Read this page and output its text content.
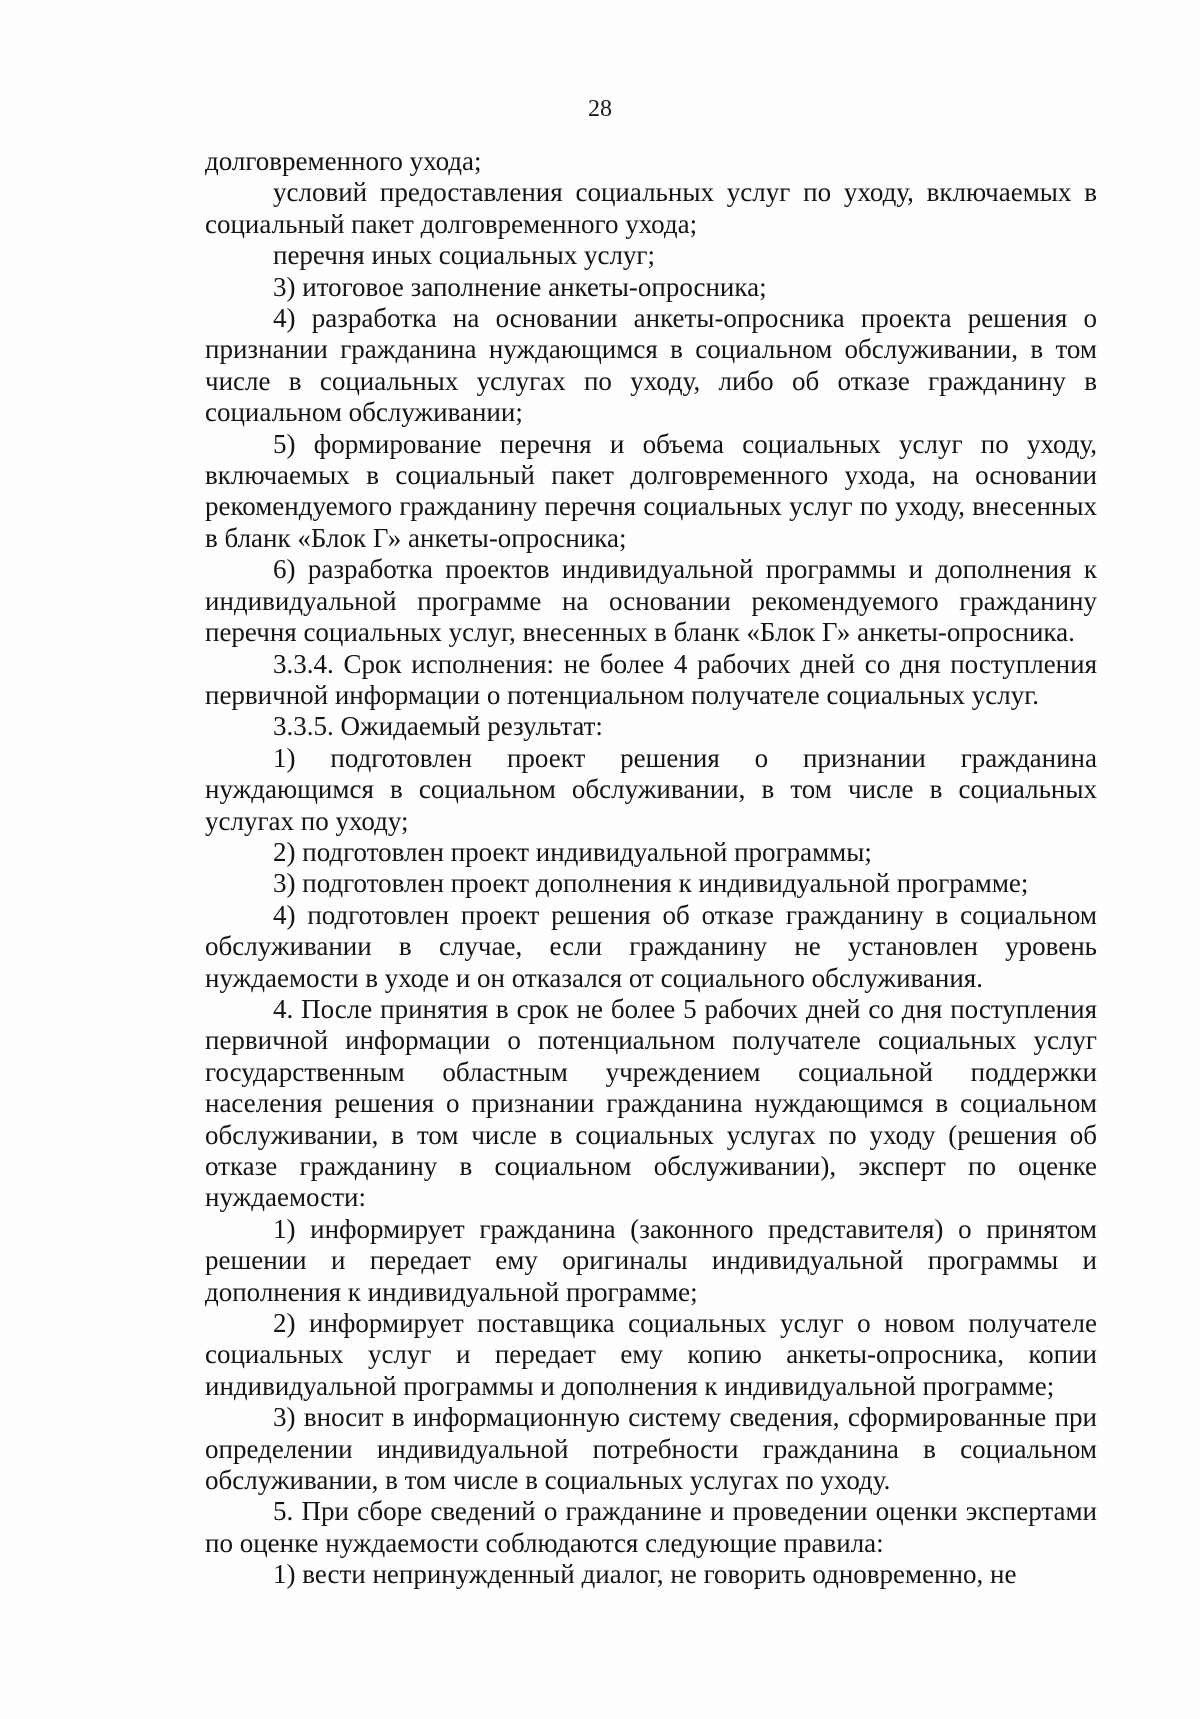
28

долговременного ухода;

условий предоставления социальных услуг по уходу, включаемых в социальный пакет долговременного ухода;

перечня иных социальных услуг;

3) итоговое заполнение анкеты-опросника;

4) разработка на основании анкеты-опросника проекта решения о признании гражданина нуждающимся в социальном обслуживании, в том числе в социальных услугах по уходу, либо об отказе гражданину в социальном обслуживании;

5) формирование перечня и объема социальных услуг по уходу, включаемых в социальный пакет долговременного ухода, на основании рекомендуемого гражданину перечня социальных услуг по уходу, внесенных в бланк «Блок Г» анкеты-опросника;

6) разработка проектов индивидуальной программы и дополнения к индивидуальной программе на основании рекомендуемого гражданину перечня социальных услуг, внесенных в бланк «Блок Г» анкеты-опросника.

3.3.4. Срок исполнения: не более 4 рабочих дней со дня поступления первичной информации о потенциальном получателе социальных услуг.

3.3.5. Ожидаемый результат:

1) подготовлен проект решения о признании гражданина нуждающимся в социальном обслуживании, в том числе в социальных услугах по уходу;

2) подготовлен проект индивидуальной программы;

3) подготовлен проект дополнения к индивидуальной программе;

4) подготовлен проект решения об отказе гражданину в социальном обслуживании в случае, если гражданину не установлен уровень нуждаемости в уходе и он отказался от социального обслуживания.

4. После принятия в срок не более 5 рабочих дней со дня поступления первичной информации о потенциальном получателе социальных услуг государственным областным учреждением социальной поддержки населения решения о признании гражданина нуждающимся в социальном обслуживании, в том числе в социальных услугах по уходу (решения об отказе гражданину в социальном обслуживании), эксперт по оценке нуждаемости:

1) информирует гражданина (законного представителя) о принятом решении и передает ему оригиналы индивидуальной программы и дополнения к индивидуальной программе;

2) информирует поставщика социальных услуг о новом получателе социальных услуг и передает ему копию анкеты-опросника, копии индивидуальной программы и дополнения к индивидуальной программе;

3) вносит в информационную систему сведения, сформированные при определении индивидуальной потребности гражданина в социальном обслуживании, в том числе в социальных услугах по уходу.

5. При сборе сведений о гражданине и проведении оценки экспертами по оценке нуждаемости соблюдаются следующие правила:

1) вести непринужденный диалог, не говорить одновременно, не
